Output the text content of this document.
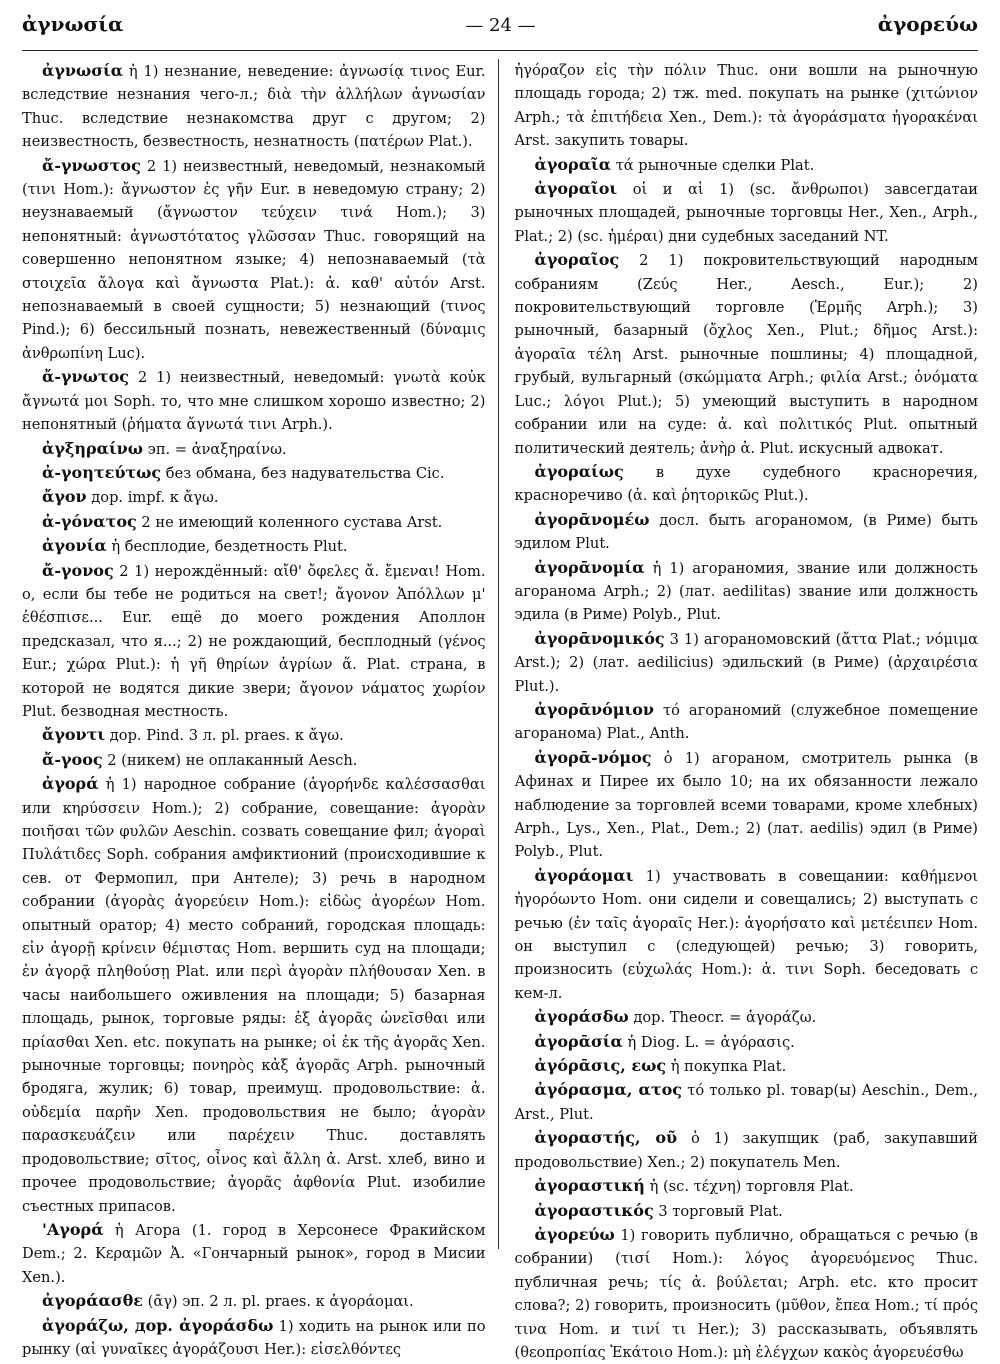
ἀγνωσία	— 24 —	ἀγορεύω

ἀγνωσία ἡ 1) незнание, неведение: ἀγνωσίᾳ τινος Eur. вследствие незнания чего-л.; διὰ τὴν ἀλλήλων ἀγνωσίαν Thuc. вследствие незнакомства друг с другом; 2) неизвестность, безвестность, незнатность (πατέρων Plat.).

ἄ-γνωστος 2 1) неизвестный, неведомый, незнакомый (τινι Hom.): ἄγνωστον ἐς γῆν Eur. в неведомую страну; 2) неузнаваемый (ἄγνωστον τεύχειν τινά Hom.); 3) непонятный: ἀγνωστότατος γλῶσσαν Thuc. говорящий на совершенно непонятном языке; 4) непознаваемый (τὰ στοιχεῖα ἄλογα καὶ ἄγνωστα Plat.): ἀ. καθ' αὑτόν Arst. непознаваемый в своей сущности; 5) незнающий (τινος Pind.); 6) бессильный познать, невежественный (δύναμις ἀνθρωπίνη Luc).

ἄ-γνωτος 2 1) неизвестный, неведомый: γνωτὰ κοὐκ ἄγνωτά μοι Soph. то, что мне слишком хорошо известно; 2) непонятный (ῥήματα ἄγνωτά τινι Arph.).

ἀγξηραίνω эп. = ἀναξηραίνω.

ἀ-γοητεύτως без обмана, без надувательства Cic.

ἄγον дор. impf. к ἄγω.

ἀ-γόνατος 2 не имеющий коленного сустава Arst.

ἀγονία ἡ бесплодие, бездетность Plut.

ἄ-γονος 2 1) нерождённый: αἴθ' ὄφελες ἄ. ἔμεναι! Hom. о, если бы тебе не родиться на свет!; ἄγονον Ἀπόλλων μ' ἐθέσπισε... Eur. ещё до моего рождения Аполлон предсказал, что я...; 2) не рождающий, бесплодный (γένος Eur.; χώρα Plut.): ἡ γῆ θηρίων ἀγρίων ἄ. Plat. страна, в которой не водятся дикие звери; ἄγονον νάματος χωρίον Plut. безводная местность.

ἄγοντι дор. Pind. 3 л. pl. praes. к ἄγω.

ἄ-γοος 2 (никем) не оплаканный Aesch.

ἀγορά ἡ 1) народное собрание (ἀγορήνδε καλέσσασθαι или κηρύσσειν Hom.); 2) собрание, совещание: ἀγορὰν ποιῆσαι τῶν φυλῶν Aeschin. созвать совещание фил; ἀγοραὶ Πυλάτιδες Soph. собрания амфиктионий (происходившие к сев. от Фермопил, при Антеле); 3) речь в народном собрании (ἀγορὰς ἀγορεύειν Hom.): εἰδὼς ἀγορέων Hom. опытный оратор; 4) место собраний, городская площадь: εἰν ἀγορῇ κρίνειν θέμιστας Hom. вершить суд на площади; ἐν ἀγορᾷ πληθούσῃ Plat. или περὶ ἀγορὰν πλήθουσαν Xen. в часы наибольшего оживления на площади; 5) базарная площадь, рынок, торговые ряды: ἐξ ἀγορᾶς ὠνεῖσθαι или πρίασθαι Xen. etc. покупать на рынке; οἱ ἐκ τῆς ἀγορᾶς Xen. рыночные торговцы; πονηρὸς κἀξ ἀγορᾶς Arph. рыночный бродяга, жулик; 6) товар, преимущ. продовольствие: ἀ. οὐδεμία παρῆν Xen. продовольствия не было; ἀγορὰν παρασκευάζειν или παρέχειν Thuc. доставлять продовольствие; σῖτος, οἶνος καὶ ἄλλη ἀ. Arst. хлеб, вино и прочее продовольствие; ἀγορᾶς ἀφθονία Plut. изобилие съестных припасов.

'Αγορά ἡ Агора (1. город в Херсонесе Фракийском Dem.; 2. Κεραμῶν Ἀ. «Гончарный рынок», город в Мисии Xen.).

ἀγοράασθε (ᾱγ) эп. 2 л. pl. praes. к ἀγοράομαι.

ἀγοράζω, дор. ἀγοράσδω 1) ходить на рынок или по рынку (αἱ γυναῖκες ἀγοράζουσι Her.): εἰσελθόντες

ἠγόραζον εἰς τὴν πόλιν Thuc. они вошли на рыночную площадь города; 2) тж. med. покупать на рынке (χιτώνιον Arph.; τὰ ἐπιτήδεια Xen., Dem.): τὰ ἀγοράσματα ἠγορακέναι Arst. закупить товары.

ἀγοραῖα τά рыночные сделки Plat.

ἀγοραῖοι οἱ и αἱ 1) (sc. ἄνθρωποι) завсегдатаи рыночных площадей, рыночные торговцы Her., Xen., Arph., Plat.; 2) (sc. ἡμέραι) дни судебных заседаний NT.

ἀγοραῖος 2 1) покровительствующий народным собраниям (Ζεύς Her., Aesch., Eur.); 2) покровительствующий торговле (Ἑρμῆς Arph.); 3) рыночный, базарный (ὄχλος Xen., Plut.; δῆμος Arst.): ἀγοραῖα τέλη Arst. рыночные пошлины; 4) площадной, грубый, вульгарный (σκώμματα Arph.; φιλία Arst.; ὀνόματα Luc.; λόγοι Plut.); 5) умеющий выступить в народном собрании или на суде: ἀ. καὶ πολιτικός Plut. опытный политический деятель; ἀνὴρ ἀ. Plut. искусный адвокат.

ἀγοραίως в духе судебного красноречия, красноречиво (ἀ. καὶ ῥητορικῶς Plut.).

ἀγορᾱνομέω досл. быть агораномом, (в Риме) быть эдилом Plut.

ἀγορᾱνομία ἡ 1) агораномия, звание или должность агоранома Arph.; 2) (лат. aedilitas) звание или должность эдила (в Риме) Polyb., Plut.

ἀγορᾱνομικός 3 1) агораномовский (ἄττα Plat.; νόμιμα Arst.); 2) (лат. aedilicius) эдильский (в Риме) (ἀρχαιρέσια Plut.).

ἀγορᾱνόμιον τό агораномий (служебное помещение агоранома) Plat., Anth.

ἀγορᾱ-νόμος ὁ 1) агораном, смотритель рынка (в Афинах и Пирее их было 10; на их обязанности лежало наблюдение за торговлей всеми товарами, кроме хлебных) Arph., Lys., Xen., Plat., Dem.; 2) (лат. aedilis) эдил (в Риме) Polyb., Plut.

ἀγοράομαι 1) участвовать в совещании: καθήμενοι ἠγορόωντο Hom. они сидели и совещались; 2) выступать с речью (ἐν ταῖς ἀγοραῖς Her.): ἀγορήσατο καὶ μετέειπεν Hom. он выступил с (следующей) речью; 3) говорить, произносить (εὐχωλάς Hom.): ἀ. τινι Soph. беседовать с кем-л.

ἀγοράσδω дор. Theocr. = ἀγοράζω.

ἀγορᾱσία ἡ Diog. L. = ἀγόρασις.

ἀγόρᾱσις, εως ἡ покупка Plat.

ἀγόρασμα, ατος τό только pl. товар(ы) Aeschin., Dem., Arst., Plut.

ἀγοραστής, οῦ ὁ 1) закупщик (раб, закупавший продовольствие) Xen.; 2) покупатель Men.

ἀγοραστική ἡ (sc. τέχνη) торговля Plat.

ἀγοραστικός 3 торговый Plat.

ἀγορεύω 1) говорить публично, обращаться с речью (в собрании) (τισί Hom.): λόγος ἀγορευόμενος Thuc. публичная речь; τίς ἀ. βούλεται; Arph. etc. кто просит слова?; 2) говорить, произносить (μῦθον, ἔπεα Hom.; τί πρός τινα Hom. и τινί τι Her.); 3) рассказывать, объявлять (θεοπροπίας Ἑκάτοιο Hom.): μὴ ἐλέγχων κακὸς ἀγορευέσθω
